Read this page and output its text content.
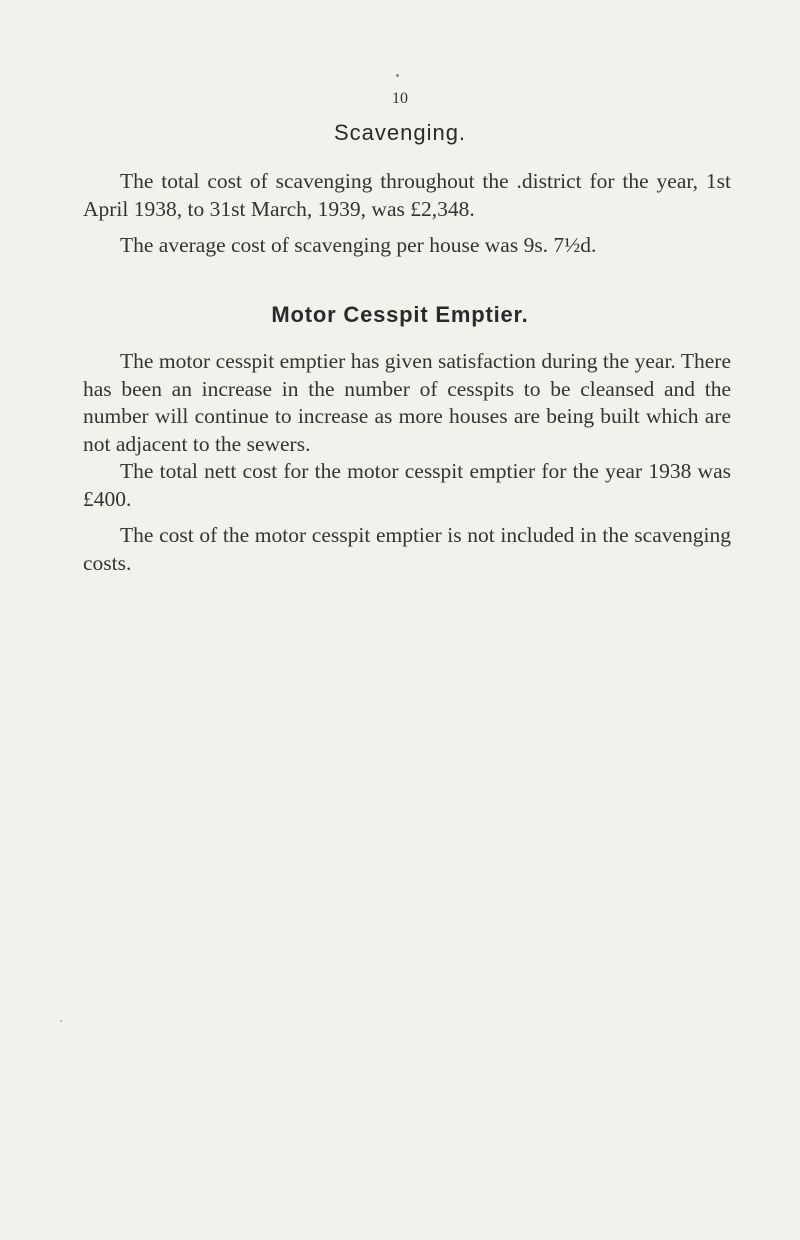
10
Scavenging.
The total cost of scavenging throughout the .district for the year, 1st April 1938, to 31st March, 1939, was £2,348.
The average cost of scavenging per house was 9s. 7½d.
Motor Cesspit Emptier.
The motor cesspit emptier has given satisfaction during the year. There has been an increase in the number of cesspits to be cleansed and the number will continue to increase as more houses are being built which are not adjacent to the sewers.
The total nett cost for the motor cesspit emptier for the year 1938 was £400.
The cost of the motor cesspit emptier is not included in the scavenging costs.
